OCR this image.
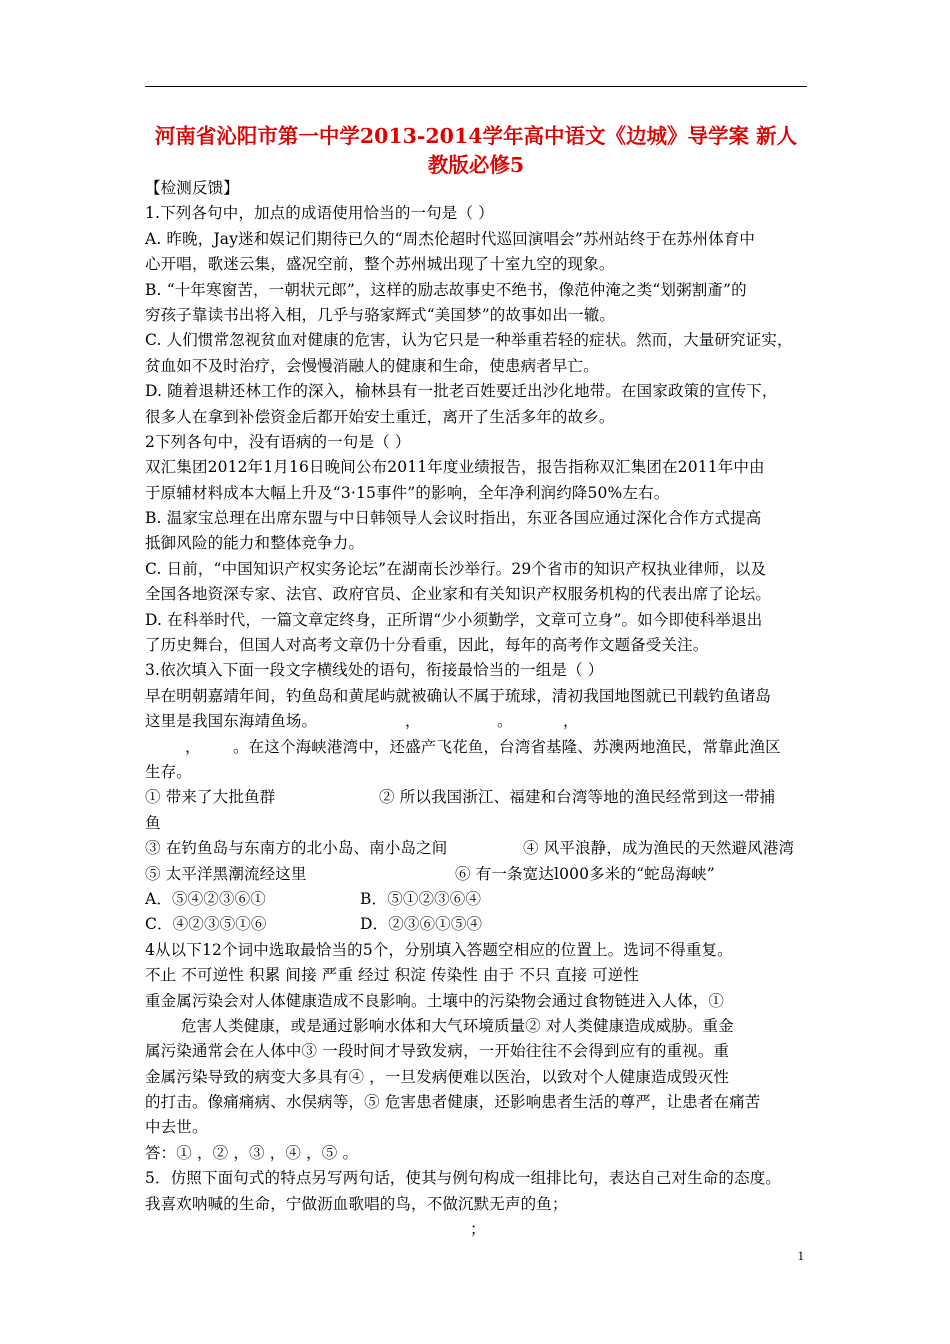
河南省沁阳市第一中学2013-2014学年高中语文《边城》导学案 新人
教版必修5
【检测反馈】
1.下列各句中，加点的成语使用恰当的一句是（ ）
A. 昨晚，Jay迷和娱记们期待已久的“周杰伦超时代巡回演唱会”苏州站终于在苏州体育中
心开唱，歌迷云集，盛况空前，整个苏州城出现了十室九空的现象。
B. “十年寒窗苦，一朝状元郎”，这样的励志故事史不绝书，像范仲淹之类“划粥割齑”的
穷孩子靠读书出将入相，几乎与骆家辉式“美国梦”的故事如出一辙。
C. 人们惯常忽视贫血对健康的危害，认为它只是一种举重若轻的症状。然而，大量研究证实，
贫血如不及时治疗，会慢慢消融人的健康和生命，使患病者早亡。
D. 随着退耕还林工作的深入，榆林县有一批老百姓要迁出沙化地带。在国家政策的宣传下，
很多人在拿到补偿资金后都开始安土重迁，离开了生活多年的故乡。
2下列各句中，没有语病的一句是（ ）
双汇集团2012年1月16日晚间公布2011年度业绩报告，报告指称双汇集团在2011年中由
于原辅材料成本大幅上升及“3·15事件”的影响，全年净利润约降50%左右。
B. 温家宝总理在出席东盟与中日韩领导人会议时指出，东亚各国应通过深化合作方式提高
抵御风险的能力和整体竞争力。
C. 日前，“中国知识产权实务论坛”在湖南长沙举行。29个省市的知识产权执业律师，以及
全国各地资深专家、法官、政府官员、企业家和有关知识产权服务机构的代表出席了论坛。
D. 在科举时代，一篇文章定终身，正所谓“少小须勤学，文章可立身”。如今即使科举退出
了历史舞台，但国人对高考文章仍十分看重，因此，每年的高考作文题备受关注。
3.依次填入下面一段文字横线处的语句，衔接最恰当的一组是（ ）
早在明朝嘉靖年间，钓鱼岛和黄尾屿就被确认不属于琉球，清初我国地图就已刊载钓鱼诸岛
这里是我国东海靖鱼场。	，	。	，
， 。在这个海峡港湾中，还盛产飞花鱼，台湾省基隆、苏澳两地渔民，常靠此渔区
生存。
① 带来了大批鱼群	② 所以我国浙江、福建和台湾等地的渔民经常到这一带捕
鱼
③ 在钓鱼岛与东南方的北小岛、南小岛之间	④ 风平浪静，成为渔民的天然避风港湾
⑤ 太平洋黑潮流经这里	⑥ 有一条宽达l000多米的“蛇岛海峡”
A．⑤④②③⑥①	B．⑤①②③⑥④
C．④②③⑤①⑥	D．②③⑥①⑤④
4从以下12个词中选取最恰当的5个，分别填入答题空相应的位置上。选词不得重复。
不止 不可逆性 积累 间接 严重 经过 积淀 传染性 由于 不只 直接 可逆性
重金属污染会对人体健康造成不良影响。土壤中的污染物会通过食物链进入人体，①
危害人类健康，或是通过影响水体和大气环境质量② 对人类健康造成威胁。重金
属污染通常会在人体中③ 一段时间才导致发病，一开始往往不会得到应有的重视。重
金属污染导致的病变大多具有④ ，一旦发病便难以医治，以致对个人健康造成毁灭性
的打击。像痛痛病、水俣病等，⑤ 危害患者健康，还影响患者生活的尊严，让患者在痛苦
中去世。
答：① ，② ，③ ，④ ，⑤ 。
5．仿照下面句式的特点另写两句话，使其与例句构成一组排比句，表达自己对生命的态度。
我喜欢呐喊的生命，宁做沥血歌唱的鸟，不做沉默无声的鱼；
；
1
